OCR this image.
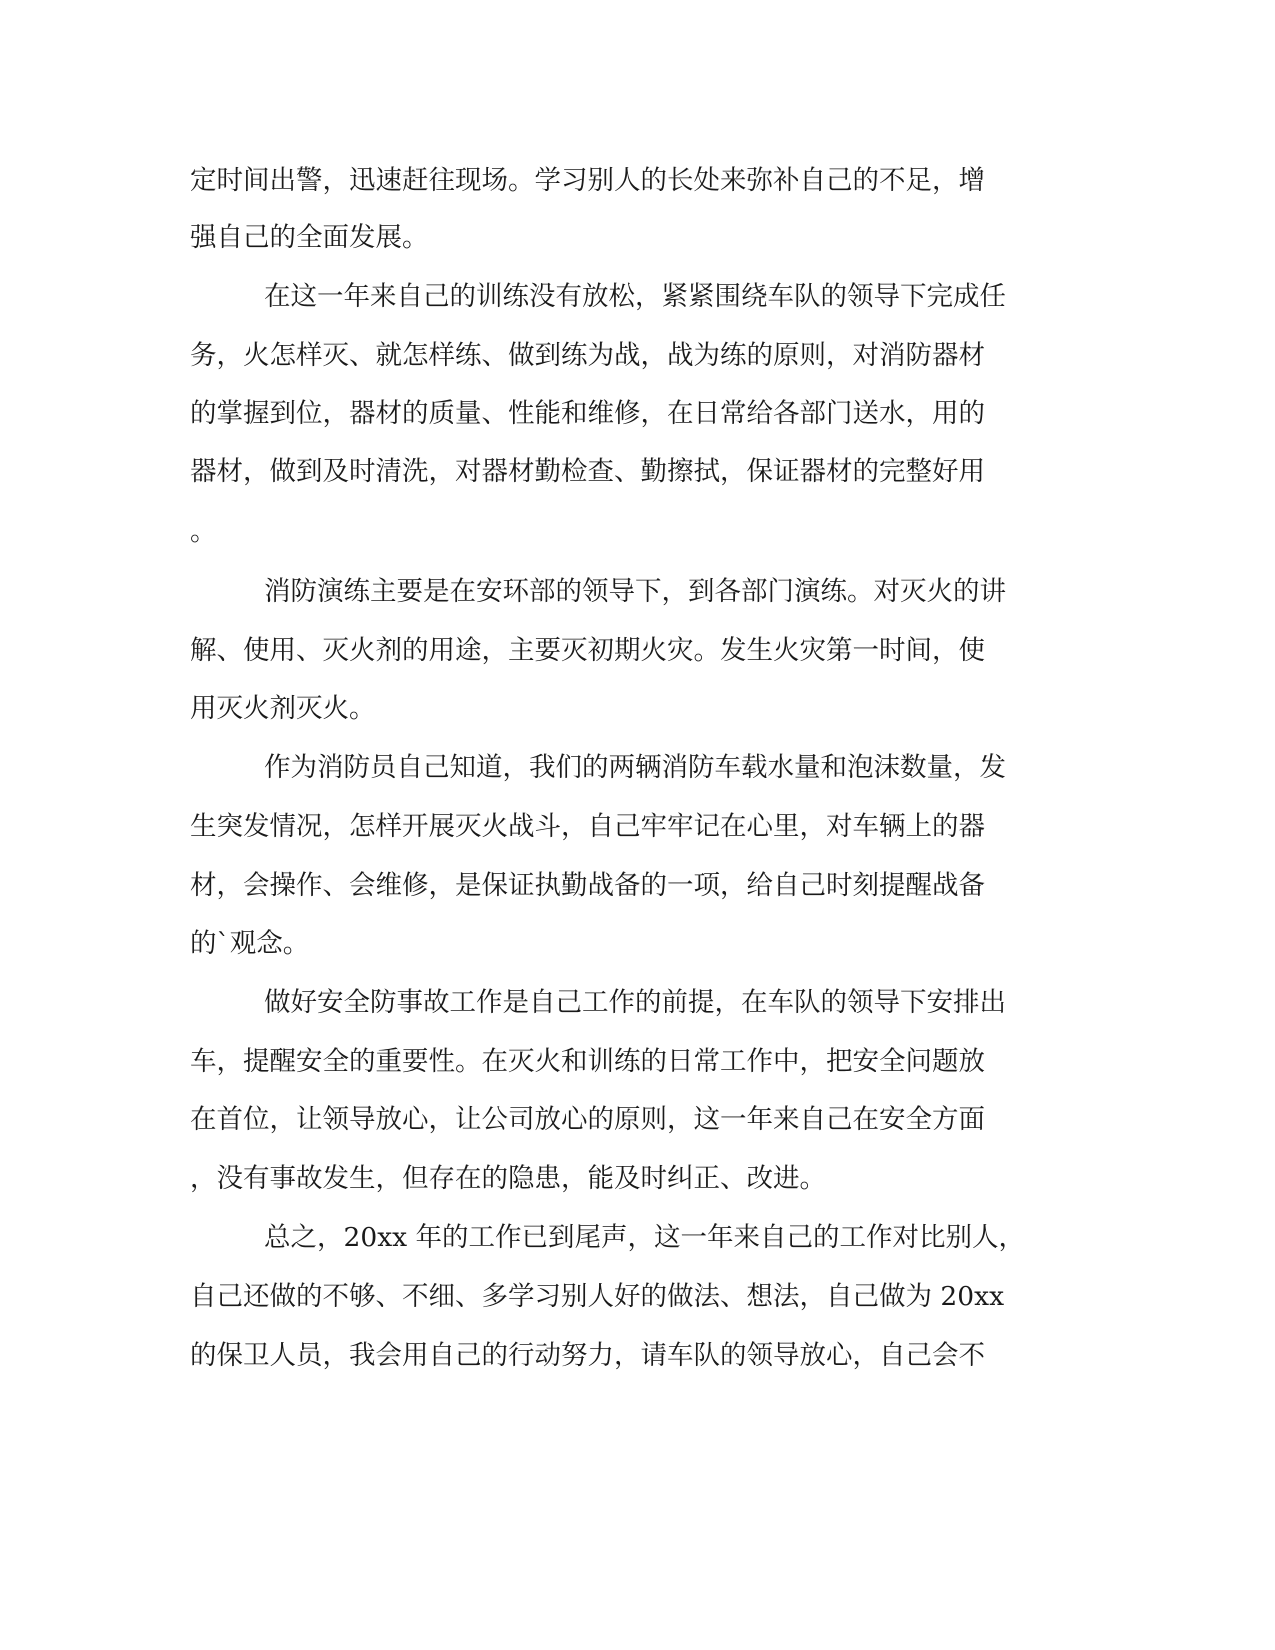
定时间出警，迅速赶往现场。学习别人的长处来弥补自己的不足，增
强自己的全面发展。
在这一年来自己的训练没有放松，紧紧围绕车队的领导下完成任
务，火怎样灭、就怎样练、做到练为战，战为练的原则，对消防器材
的掌握到位，器材的质量、性能和维修，在日常给各部门送水，用的
器材，做到及时清洗，对器材勤检查、勤擦拭，保证器材的完整好用
。
消防演练主要是在安环部的领导下，到各部门演练。对灭火的讲
解、使用、灭火剂的用途，主要灭初期火灾。发生火灾第一时间，使
用灭火剂灭火。
作为消防员自己知道，我们的两辆消防车载水量和泡沫数量，发
生突发情况，怎样开展灭火战斗，自己牢牢记在心里，对车辆上的器
材，会操作、会维修，是保证执勤战备的一项，给自己时刻提醒战备
的`观念。
做好安全防事故工作是自己工作的前提，在车队的领导下安排出
车，提醒安全的重要性。在灭火和训练的日常工作中，把安全问题放
在首位，让领导放心，让公司放心的原则，这一年来自己在安全方面
，没有事故发生，但存在的隐患，能及时纠正、改进。
总之，20xx 年的工作已到尾声，这一年来自己的工作对比别人，
自己还做的不够、不细、多学习别人好的做法、想法，自己做为 20xx
的保卫人员，我会用自己的行动努力，请车队的领导放心，自己会不
